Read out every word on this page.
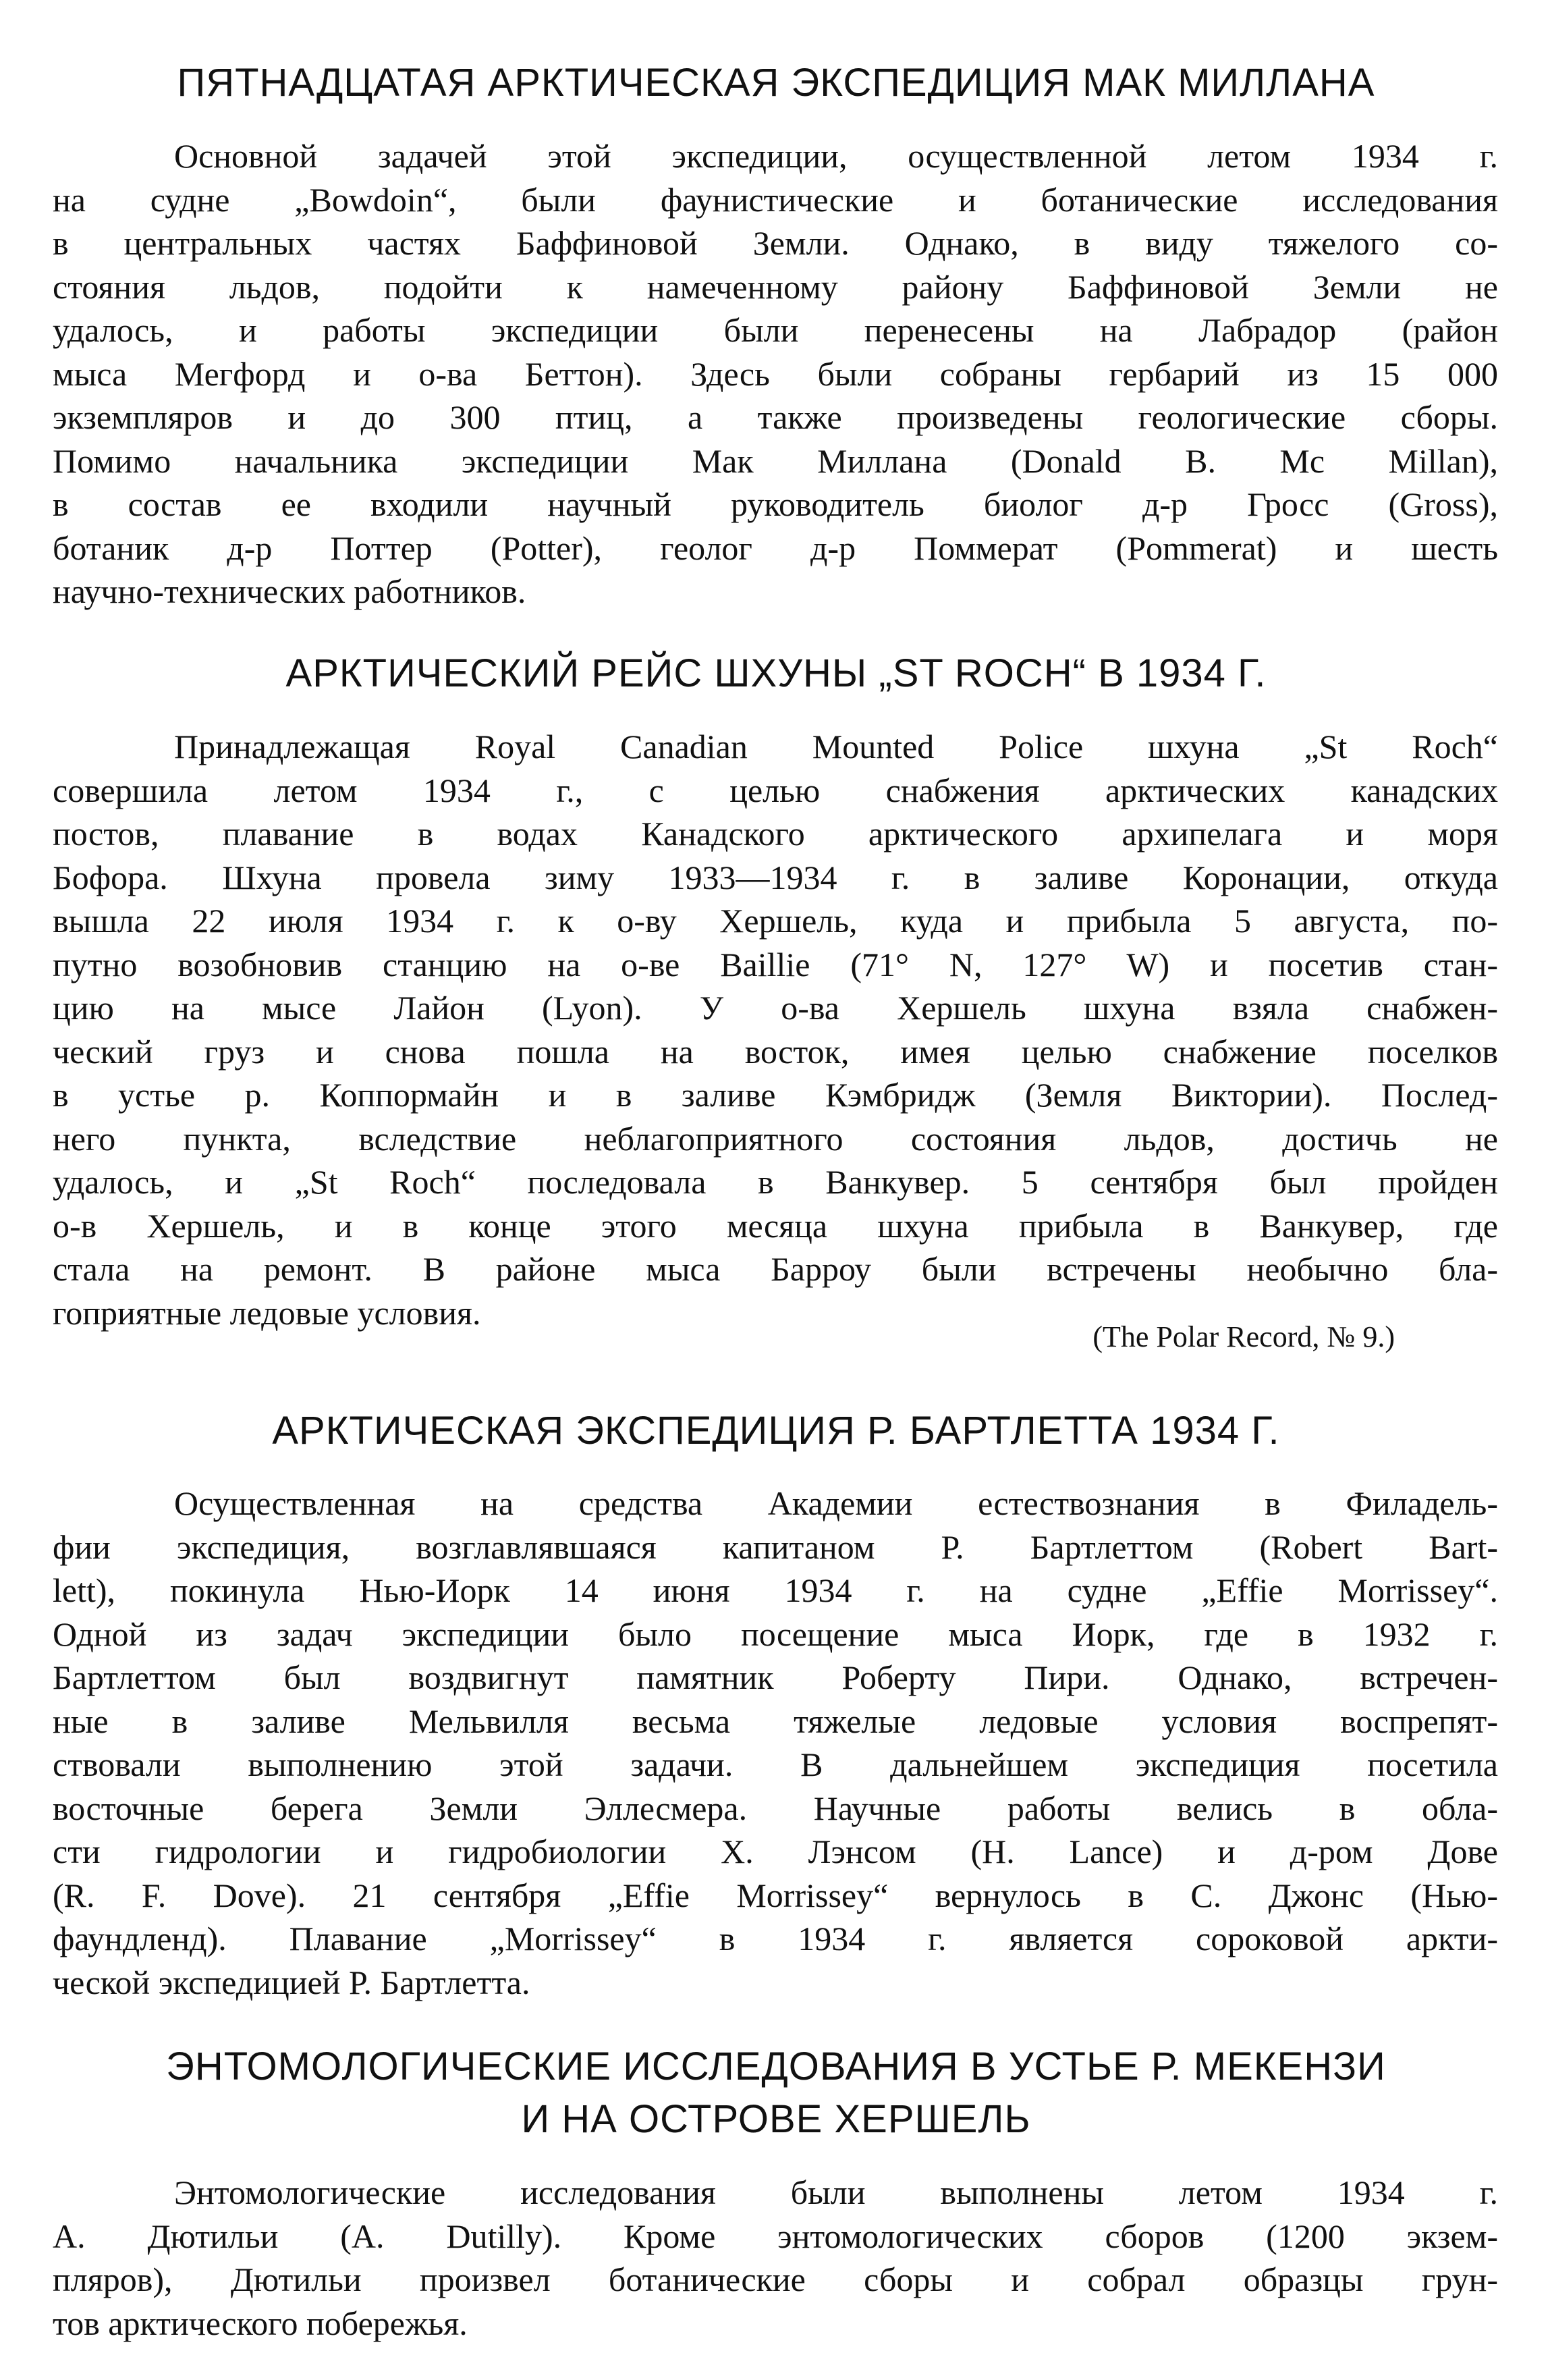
ПЯТНАДЦАТАЯ АРКТИЧЕСКАЯ ЭКСПЕДИЦИЯ МАК МИЛЛАНА
Основной задачей этой экспедиции, осуществленной летом 1934 г.
на судне „Bowdoin“, были фаунистические и ботанические исследования
в центральных частях Баффиновой Земли. Однако, в виду тяжелого со-
стояния льдов, подойти к намеченному району Баффиновой Земли не
удалось, и работы экспедиции были перенесены на Лабрадор (район
мыса Мегфорд и о-ва Беттон). Здесь были собраны гербарий из 15 000
экземпляров и до 300 птиц, а также произведены геологические сборы.
Помимо начальника экспедиции Мак Миллана (Donald B. Mc Millan),
в состав ее входили научный руководитель биолог д-р Гросс (Gross),
ботаник д-р Поттер (Potter), геолог д-р Поммерат (Pommerat) и шесть
научно-технических работников.
АРКТИЧЕСКИЙ РЕЙС ШХУНЫ „ST ROCH“ В 1934 Г.
Принадлежащая Royal Canadian Mounted Police шхуна „St Roch“
совершила летом 1934 г., с целью снабжения арктических канадских
постов, плавание в водах Канадского арктического архипелага и моря
Бофора. Шхуна провела зиму 1933—1934 г. в заливе Коронации, откуда
вышла 22 июля 1934 г. к о-ву Хершель, куда и прибыла 5 августа, по-
путно возобновив станцию на о-ве Baillie (71° N, 127° W) и посетив стан-
цию на мысе Лайон (Lyon). У о-ва Хершель шхуна взяла снабжен-
ческий груз и снова пошла на восток, имея целью снабжение поселков
в устье р. Коппормайн и в заливе Кэмбридж (Земля Виктории). Послед-
него пункта, вследствие неблагоприятного состояния льдов, достичь не
удалось, и „St Roch“ последовала в Ванкувер. 5 сентября был пройден
о-в Хершель, и в конце этого месяца шхуна прибыла в Ванкувер, где
стала на ремонт. В районе мыса Барроу были встречены необычно бла-
гоприятные ледовые условия.
(The Polar Record, № 9.)
АРКТИЧЕСКАЯ ЭКСПЕДИЦИЯ Р. БАРТЛЕТТА 1934 Г.
Осуществленная на средства Академии естествознания в Филадель-
фии экспедиция, возглавлявшаяся капитаном Р. Бартлеттом (Robert Bart-
lett), покинула Нью-Иорк 14 июня 1934 г. на судне „Effie Morrissey“.
Одной из задач экспедиции было посещение мыса Иорк, где в 1932 г.
Бартлеттом был воздвигнут памятник Роберту Пири. Однако, встречен-
ные в заливе Мельвилля весьма тяжелые ледовые условия воспрепят-
ствовали выполнению этой задачи. В дальнейшем экспедиция посетила
восточные берега Земли Эллесмера. Научные работы велись в обла-
сти гидрологии и гидробиологии Х. Лэнсом (H. Lance) и д-ром Дове
(R. F. Dove). 21 сентября „Effie Morrissey“ вернулось в С. Джонс (Нью-
фаундленд). Плавание „Morrissey“ в 1934 г. является сороковой аркти-
ческой экспедицией Р. Бартлетта.
ЭНТОМОЛОГИЧЕСКИЕ ИССЛЕДОВАНИЯ В УСТЬЕ Р. МЕКЕНЗИ
И НА ОСТРОВЕ ХЕРШЕЛЬ
Энтомологические исследования были выполнены летом 1934 г.
А. Дютильи (A. Dutilly). Кроме энтомологических сборов (1200 экзем-
пляров), Дютильи произвел ботанические сборы и собрал образцы грун-
тов арктического побережья.
